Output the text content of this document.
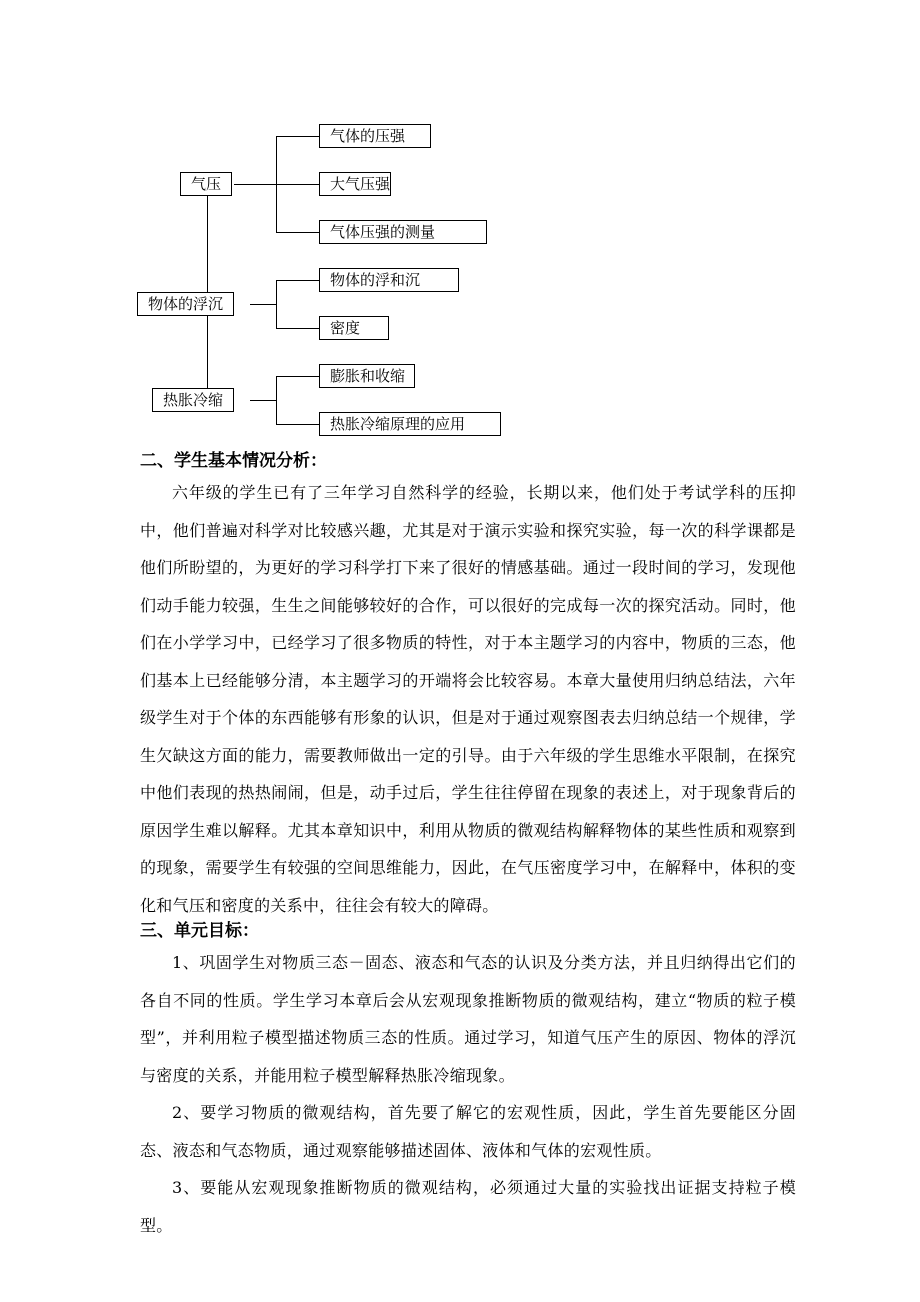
气压
气体的压强
大气压强
气体压强的测量
物体的浮沉
物体的浮和沉
密度
热胀冷缩
膨胀和收缩
热胀冷缩原理的应用
二、学生基本情况分析：

六年级的学生已有了三年学习自然科学的经验，长期以来，他们处于考试学科的压抑中，他们普遍对科学对比较感兴趣，尤其是对于演示实验和探究实验，每一次的科学课都是他们所盼望的，为更好的学习科学打下来了很好的情感基础。通过一段时间的学习，发现他们动手能力较强，生生之间能够较好的合作，可以很好的完成每一次的探究活动。同时，他们在小学学习中，已经学习了很多物质的特性，对于本主题学习的内容中，物质的三态，他们基本上已经能够分清，本主题学习的开端将会比较容易。本章大量使用归纳总结法，六年级学生对于个体的东西能够有形象的认识，但是对于通过观察图表去归纳总结一个规律，学生欠缺这方面的能力，需要教师做出一定的引导。由于六年级的学生思维水平限制，在探究中他们表现的热热闹闹，但是，动手过后，学生往往停留在现象的表述上，对于现象背后的原因学生难以解释。尤其本章知识中，利用从物质的微观结构解释物体的某些性质和观察到的现象，需要学生有较强的空间思维能力，因此，在气压密度学习中，在解释中，体积的变化和气压和密度的关系中，往往会有较大的障碍。

三、单元目标：

1、巩固学生对物质三态－固态、液态和气态的认识及分类方法，并且归纳得出它们的各自不同的性质。学生学习本章后会从宏观现象推断物质的微观结构，建立“物质的粒子模型”，并利用粒子模型描述物质三态的性质。通过学习，知道气压产生的原因、物体的浮沉与密度的关系，并能用粒子模型解释热胀冷缩现象。

2、要学习物质的微观结构，首先要了解它的宏观性质，因此，学生首先要能区分固态、液态和气态物质，通过观察能够描述固体、液体和气体的宏观性质。

3、要能从宏观现象推断物质的微观结构，必须通过大量的实验找出证据支持粒子模型。
